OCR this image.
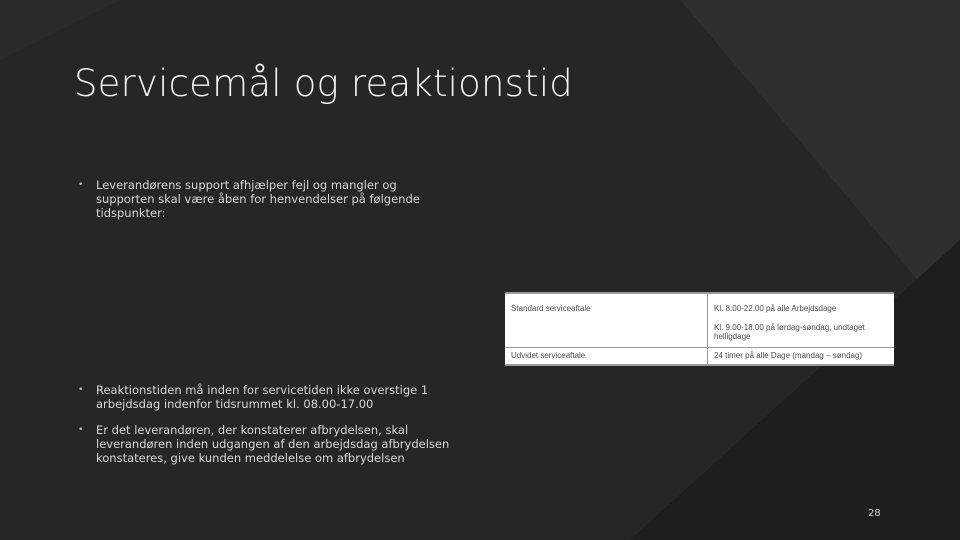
Servicemål og reaktionstid
• Leverandørens support afhjælper fejl og mangler og supporten skal være åben for henvendelser på følgende tidspunkter:
Standard serviceaftale	Kl. 8.00-22.00 på alle Arbejdsdage
Kl. 9.00-18.00 på lørdag-søndag, undtaget helligdage

Udvidet serviceaftale	24 timer på alle Dage (mandag – søndag)
• Reaktionstiden må inden for servicetiden ikke overstige 1 arbejdsdag indenfor tidsrummet kl. 08.00-17.00
• Er det leverandøren, der konstaterer afbrydelsen, skal leverandøren inden udgangen af den arbejdsdag afbrydelsen konstateres, give kunden meddelelse om afbrydelsen
28
